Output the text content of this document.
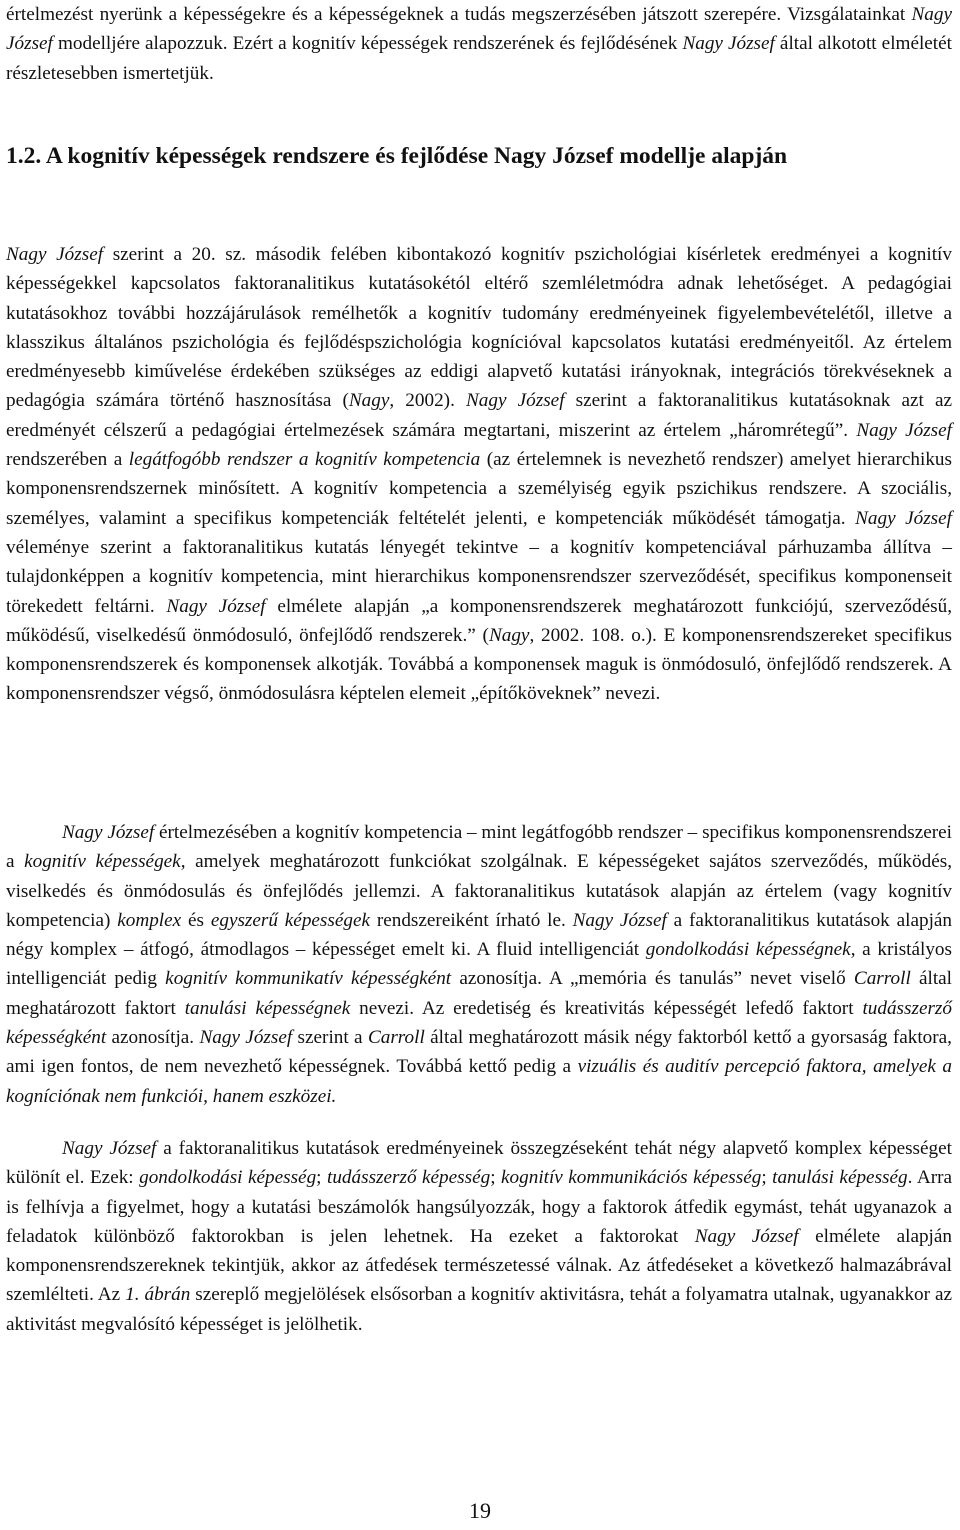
értelmezést nyerünk a képességekre és a képességeknek a tudás megszerzésében játszott szerepére. Vizsgálatainkat Nagy József modelljére alapozzuk. Ezért a kognitív képességek rendszerének és fejlődésének Nagy József által alkotott elméletét részletesebben ismertetjük.

1.2. A kognitív képességek rendszere és fejlődése Nagy József modellje alapján

Nagy József szerint a 20. sz. második felében kibontakozó kognitív pszichológiai kísérletek eredményei a kognitív képességekkel kapcsolatos faktoranalitikus kutatásokétól eltérő szemléletmódra adnak lehetőséget. A pedagógiai kutatásokhoz további hozzájárulások remélhetők a kognitív tudomány eredményeinek figyelembevételétől, illetve a klasszikus általános pszichológia és fejlődéspszichológia kognícióval kapcsolatos kutatási eredményeitől. Az értelem eredményesebb kiművelése érdekében szükséges az eddigi alapvető kutatási irányoknak, integrációs törekvéseknek a pedagógia számára történő hasznosítása (Nagy, 2002). Nagy József szerint a faktoranalitikus kutatásoknak azt az eredményét célszerű a pedagógiai értelmezések számára megtartani, miszerint az értelem „háromrétegű”. Nagy József rendszerében a legátfogóbb rendszer a kognitív kompetencia (az értelemnek is nevezhető rendszer) amelyet hierarchikus komponensrendszernek minősített. A kognitív kompetencia a személyiség egyik pszichikus rendszere. A szociális, személyes, valamint a specifikus kompetenciák feltételét jelenti, e kompetenciák működését támogatja. Nagy József véleménye szerint a faktoranalitikus kutatás lényegét tekintve – a kognitív kompetenciával párhuzamba állítva – tulajdonképpen a kognitív kompetencia, mint hierarchikus komponensrendszer szerveződését, specifikus komponenseit törekedett feltárni. Nagy József elmélete alapján „a komponensrendszerek meghatározott funkciójú, szerveződésű, működésű, viselkedésű önmódosuló, önfejlődő rendszerek.” (Nagy, 2002. 108. o.). E komponensrendszereket specifikus komponensrendszerek és komponensek alkotják. Továbbá a komponensek maguk is önmódosuló, önfejlődő rendszerek. A komponensrendszer végső, önmódosulásra képtelen elemeit „építőköveknek” nevezi.

Nagy József értelmezésében a kognitív kompetencia – mint legátfogóbb rendszer – specifikus komponensrendszerei a kognitív képességek, amelyek meghatározott funkciókat szolgálnak. E képességeket sajátos szerveződés, működés, viselkedés és önmódosulás és önfejlődés jellemzi. A faktoranalitikus kutatások alapján az értelem (vagy kognitív kompetencia) komplex és egyszerű képességek rendszereiként írható le. Nagy József a faktoranalitikus kutatások alapján négy komplex – átfogó, átmodlagos – képességet emelt ki. A fluid intelligenciát gondolkodási képességnek, a kristályos intelligenciát pedig kognitív kommunikatív képességként azonosítja. A „memória és tanulás” nevet viselő Carroll által meghatározott faktort tanulási képességnek nevezi. Az eredetiség és kreativitás képességét lefedő faktort tudásszerző képességként azonosítja. Nagy József szerint a Carroll által meghatározott másik négy faktorból kettő a gyorsaság faktora, ami igen fontos, de nem nevezhető képességnek. Továbbá kettő pedig a vizuális és auditív percepció faktora, amelyek a kogníciónak nem funkciói, hanem eszközei.

Nagy József a faktoranalitikus kutatások eredményeinek összegzéseként tehát négy alapvető komplex képességet különít el. Ezek: gondolkodási képesség; tudásszerző képesség; kognitív kommunikációs képesség; tanulási képesség. Arra is felhívja a figyelmet, hogy a kutatási beszámolók hangsúlyozzák, hogy a faktorok átfedik egymást, tehát ugyanazok a feladatok különböző faktorokban is jelen lehetnek. Ha ezeket a faktorokat Nagy József elmélete alapján komponensrendszereknek tekintjük, akkor az átfedések természetessé válnak. Az átfedéseket a következő halmazábrával szemlélteti. Az 1. ábrán szereplő megjelölések elsősorban a kognitív aktivitásra, tehát a folyamatra utalnak, ugyanakkor az aktivitást megvalósító képességet is jelölhetik.

19
